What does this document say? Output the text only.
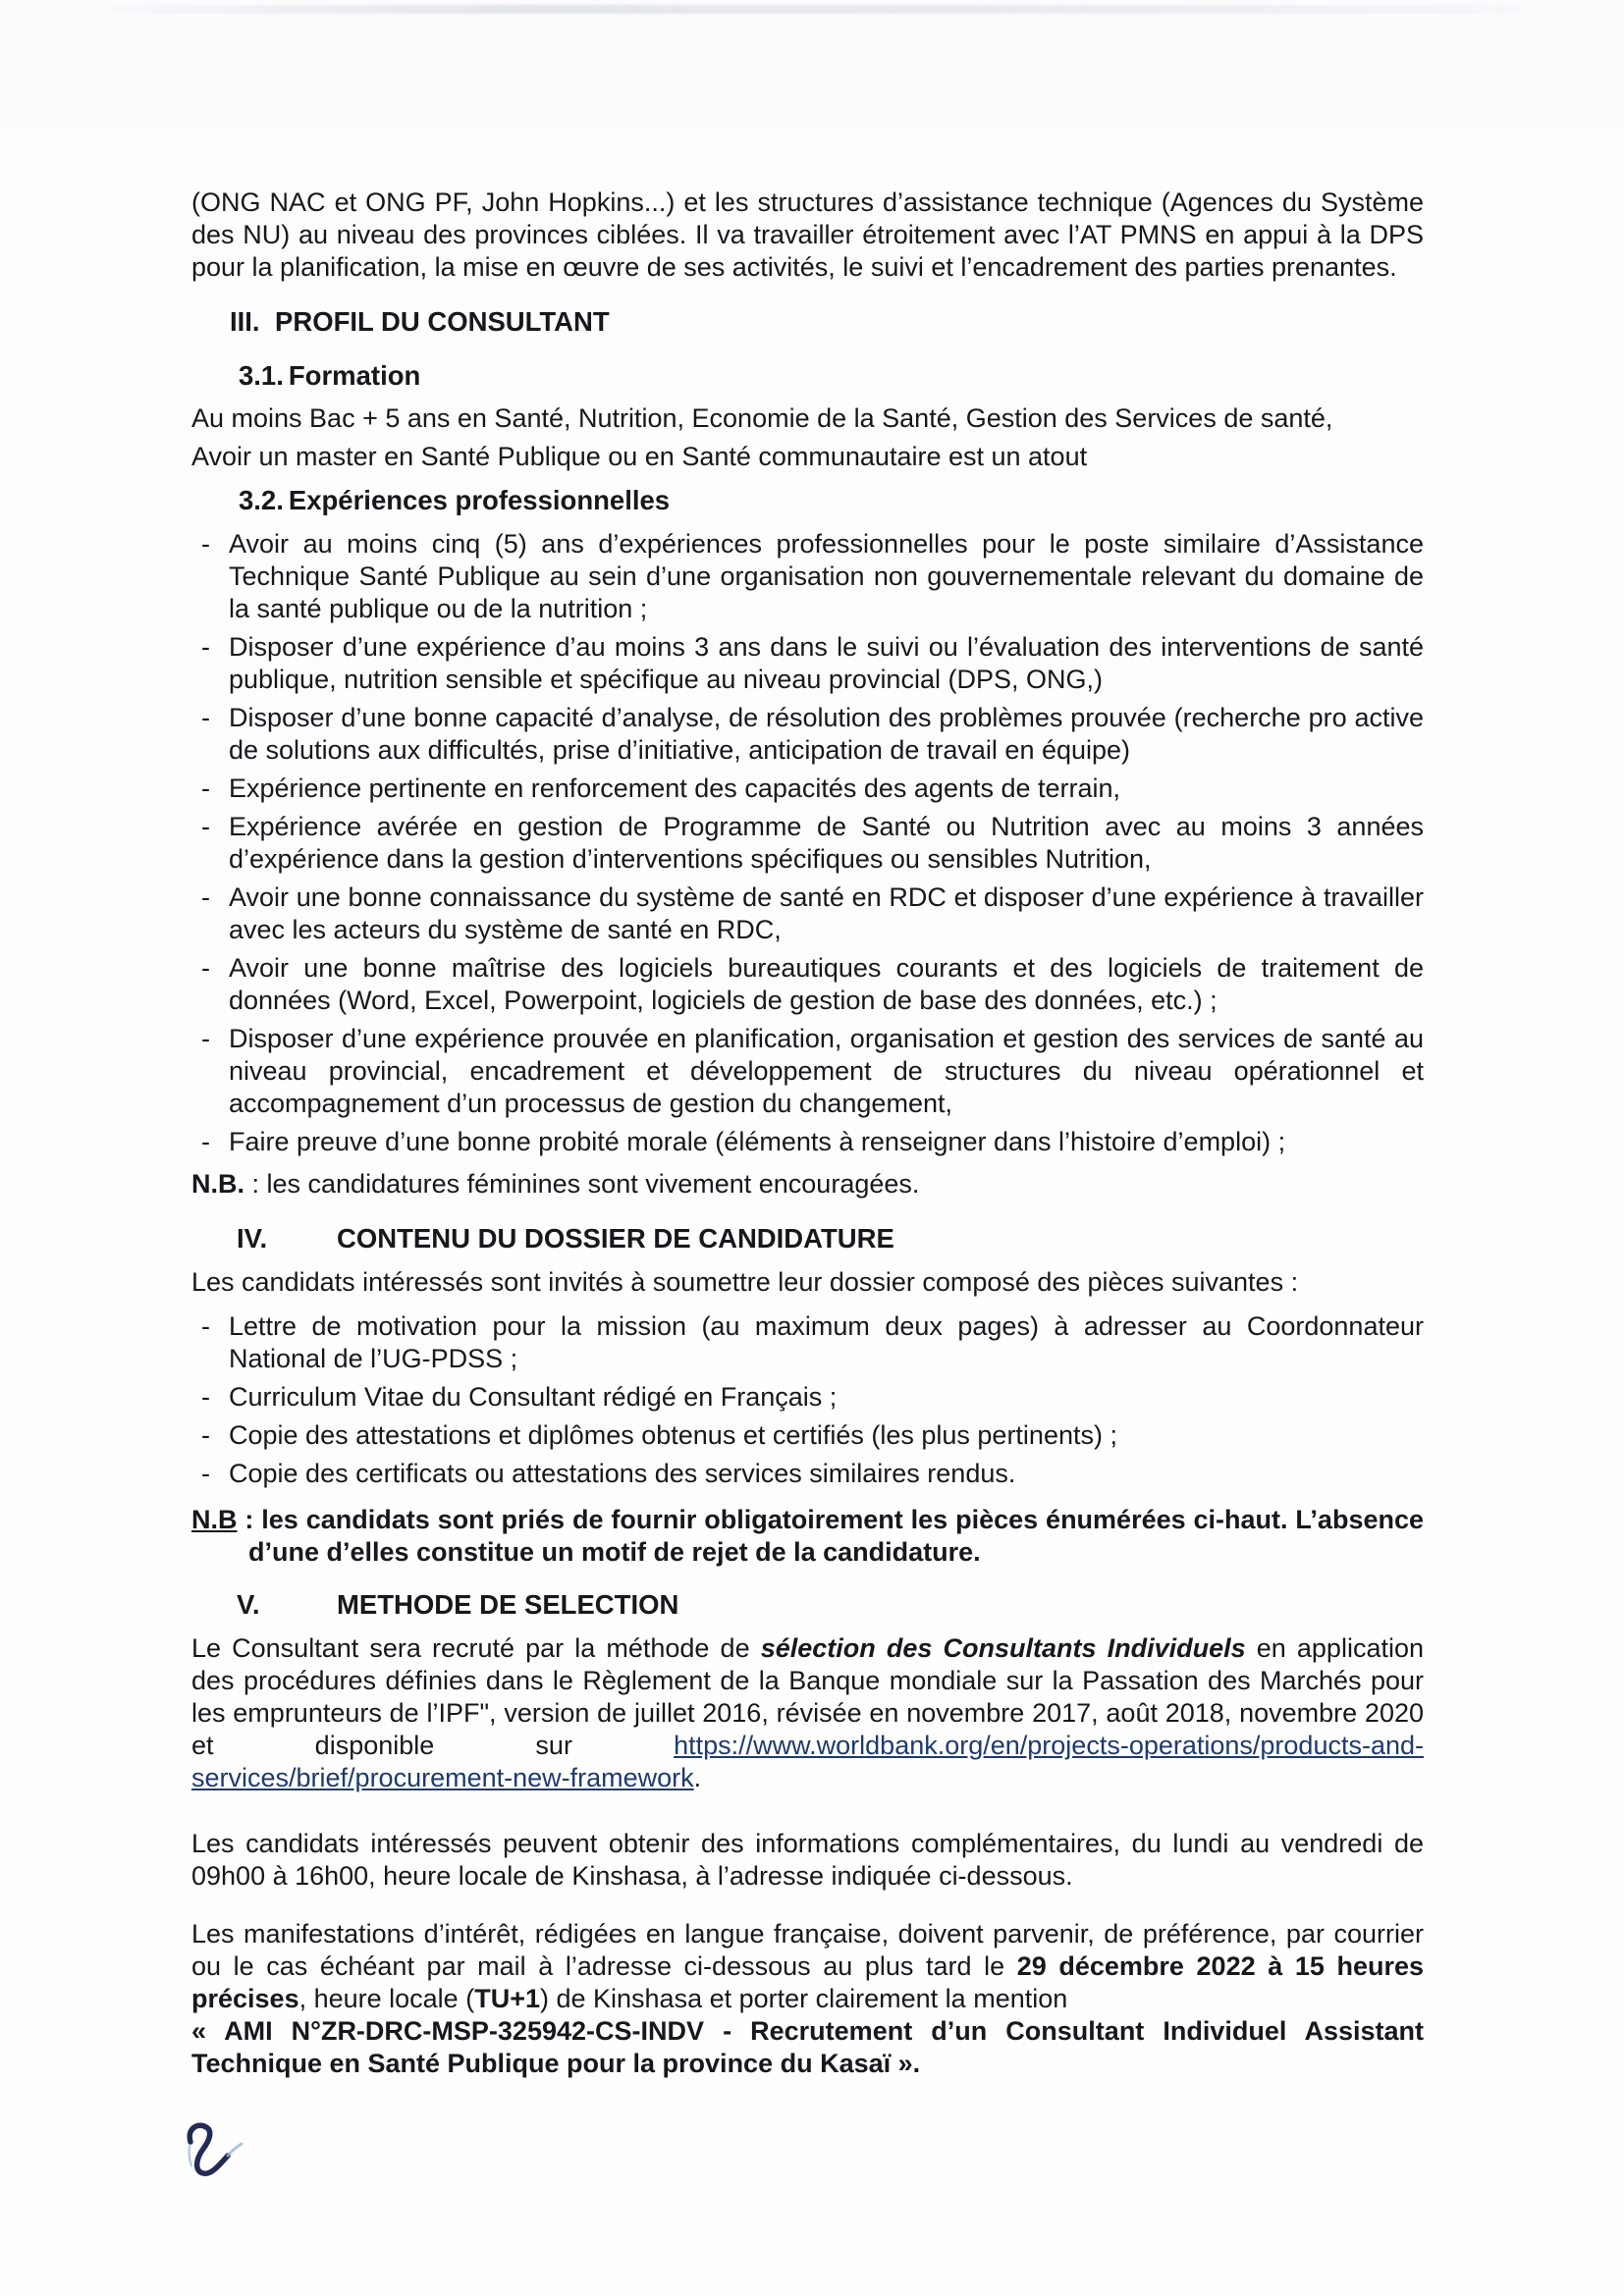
(ONG NAC et ONG PF, John Hopkins...) et les structures d’assistance technique (Agences du Système des NU) au niveau des provinces ciblées. Il va travailler étroitement avec l’AT PMNS en appui à la DPS pour la planification, la mise en œuvre de ses activités, le suivi et l’encadrement des parties prenantes.

III. PROFIL DU CONSULTANT

3.1. Formation

Au moins Bac + 5 ans en Santé, Nutrition, Economie de la Santé, Gestion des Services de santé,

Avoir un master en Santé Publique ou en Santé communautaire est un atout

3.2. Expériences professionnelles

- Avoir au moins cinq (5) ans d’expériences professionnelles pour le poste similaire d’Assistance Technique Santé Publique au sein d’une organisation non gouvernementale relevant du domaine de la santé publique ou de la nutrition ;
- Disposer d’une expérience d’au moins 3 ans dans le suivi ou l’évaluation des interventions de santé publique, nutrition sensible et spécifique au niveau provincial (DPS, ONG,)
- Disposer d’une bonne capacité d’analyse, de résolution des problèmes prouvée (recherche pro active de solutions aux difficultés, prise d’initiative, anticipation de travail en équipe)
- Expérience pertinente en renforcement des capacités des agents de terrain,
- Expérience avérée en gestion de Programme de Santé ou Nutrition avec au moins 3 années d’expérience dans la gestion d’interventions spécifiques ou sensibles Nutrition,
- Avoir une bonne connaissance du système de santé en RDC et disposer d’une expérience à travailler avec les acteurs du système de santé en RDC,
- Avoir une bonne maîtrise des logiciels bureautiques courants et des logiciels de traitement de données (Word, Excel, Powerpoint, logiciels de gestion de base des données, etc.) ;
- Disposer d’une expérience prouvée en planification, organisation et gestion des services de santé au niveau provincial, encadrement et développement de structures du niveau opérationnel et accompagnement d’un processus de gestion du changement,
- Faire preuve d’une bonne probité morale (éléments à renseigner dans l’histoire d’emploi) ;

N.B. : les candidatures féminines sont vivement encouragées.

IV.	CONTENU DU DOSSIER DE CANDIDATURE

Les candidats intéressés sont invités à soumettre leur dossier composé des pièces suivantes :

- Lettre de motivation pour la mission (au maximum deux pages) à adresser au Coordonnateur National de l’UG-PDSS ;
- Curriculum Vitae du Consultant rédigé en Français ;
- Copie des attestations et diplômes obtenus et certifiés (les plus pertinents) ;
- Copie des certificats ou attestations des services similaires rendus.

N.B : les candidats sont priés de fournir obligatoirement les pièces énumérées ci-haut. L’absence d’une d’elles constitue un motif de rejet de la candidature.

V.	METHODE DE SELECTION

Le Consultant sera recruté par la méthode de sélection des Consultants Individuels en application des procédures définies dans le Règlement de la Banque mondiale sur la Passation des Marchés pour les emprunteurs de l’IPF", version de juillet 2016, révisée en novembre 2017, août 2018, novembre 2020 et disponible sur https://www.worldbank.org/en/projects-operations/products-and-services/brief/procurement-new-framework.

Les candidats intéressés peuvent obtenir des informations complémentaires, du lundi au vendredi de 09h00 à 16h00, heure locale de Kinshasa, à l’adresse indiquée ci-dessous.

Les manifestations d’intérêt, rédigées en langue française, doivent parvenir, de préférence, par courrier ou le cas échéant par mail à l’adresse ci-dessous au plus tard le 29 décembre 2022 à 15 heures précises, heure locale (TU+1) de Kinshasa et porter clairement la mention

« AMI N°ZR-DRC-MSP-325942-CS-INDV - Recrutement d’un Consultant Individuel Assistant Technique en Santé Publique pour la province du Kasaï ».
